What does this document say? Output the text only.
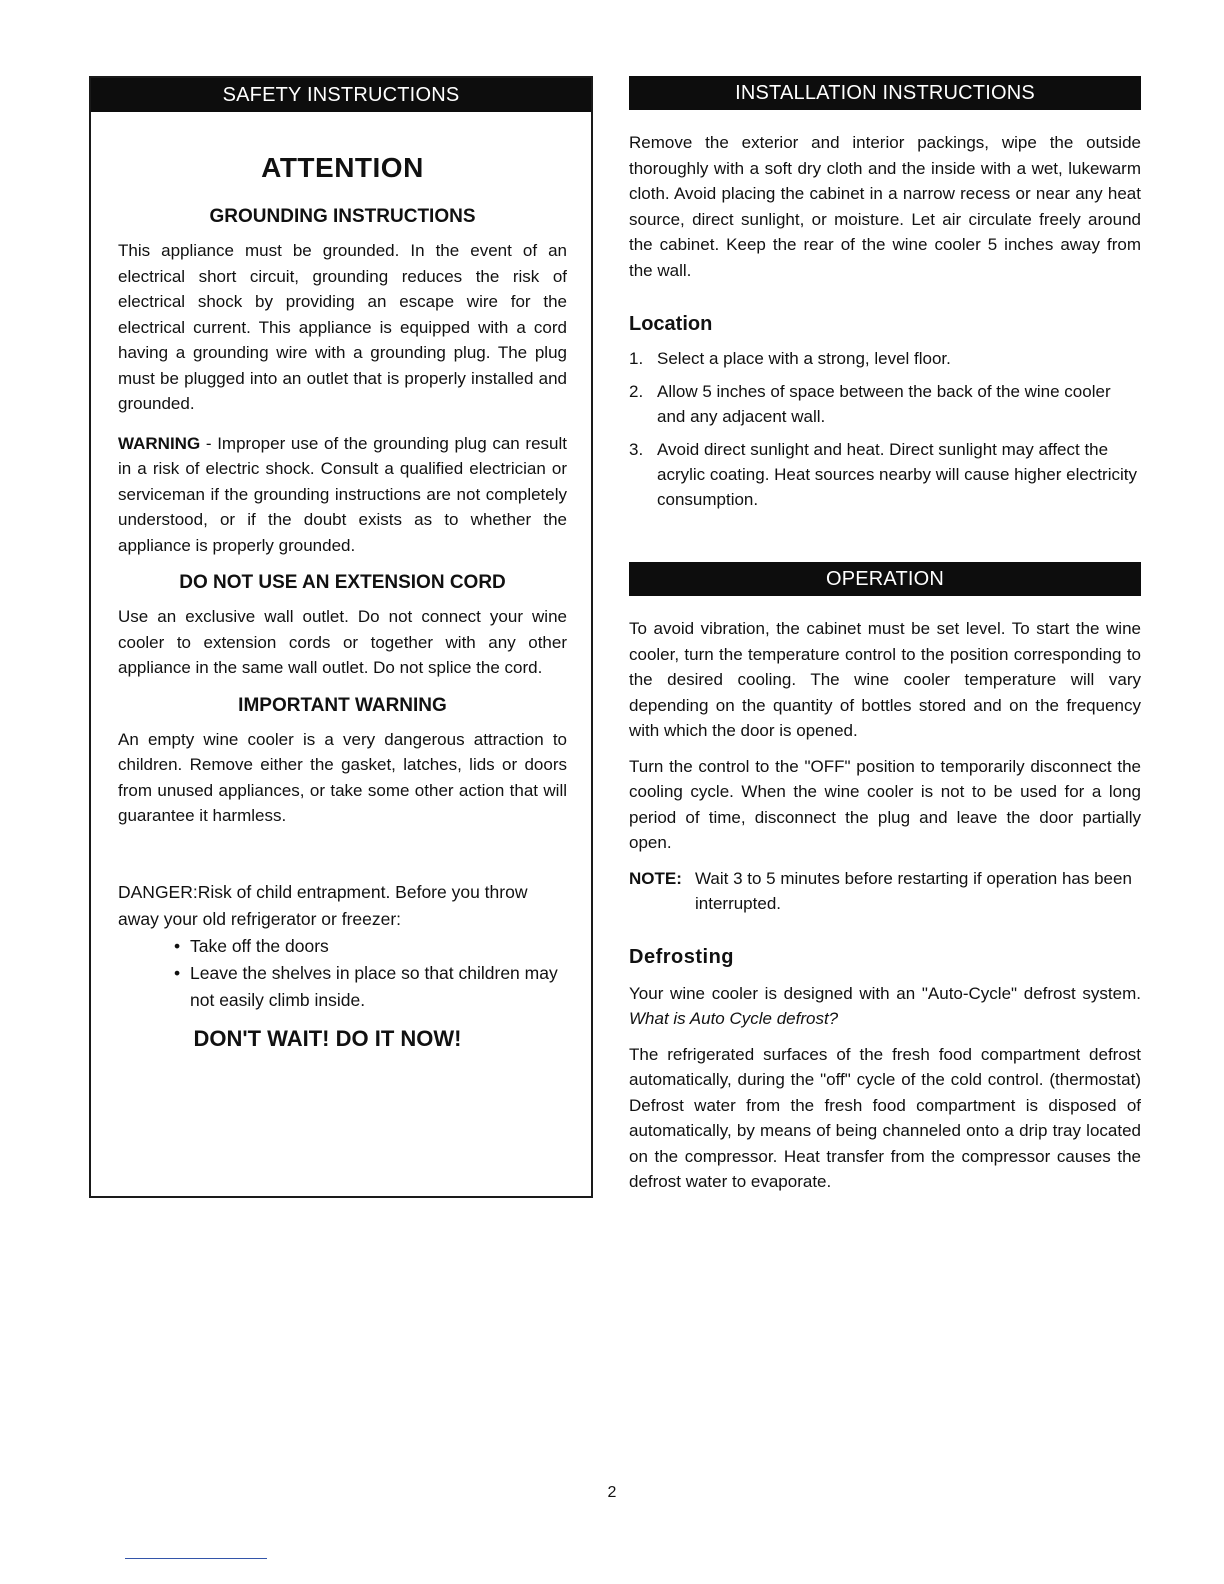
SAFETY INSTRUCTIONS
ATTENTION
GROUNDING INSTRUCTIONS

This appliance must be grounded. In the event of an electrical short circuit, grounding reduces the risk of electrical shock by providing an escape wire for the electrical current. This appliance is equipped with a cord having a grounding wire with a grounding plug. The plug must be plugged into an outlet that is properly installed and grounded.

WARNING - Improper use of the grounding plug can result in a risk of electric shock. Consult a qualified electrician or serviceman if the grounding instructions are not completely understood, or if the doubt exists as to whether the appliance is properly grounded.

DO NOT USE AN EXTENSION CORD

Use an exclusive wall outlet. Do not connect your wine cooler to extension cords or together with any other appliance in the same wall outlet. Do not splice the cord.

IMPORTANT WARNING

An empty wine cooler is a very dangerous attraction to children. Remove either the gasket, latches, lids or doors from unused appliances, or take some other action that will guarantee it harmless.

DANGER:Risk of child entrapment. Before you throw away your old refrigerator or freezer:

• Take off the doors
• Leave the shelves in place so that children may not easily climb inside.
DON'T WAIT! DO IT NOW!
INSTALLATION INSTRUCTIONS

Remove the exterior and interior packings, wipe the outside thoroughly with a soft dry cloth and the inside with a wet, lukewarm cloth. Avoid placing the cabinet in a narrow recess or near any heat source, direct sunlight, or moisture. Let air circulate freely around the cabinet. Keep the rear of the wine cooler 5 inches away from the wall.

Location
1. Select a place with a strong, level floor.
2. Allow 5 inches of space between the back of the wine cooler and any adjacent wall.
3. Avoid direct sunlight and heat. Direct sunlight may affect the acrylic coating. Heat sources nearby will cause higher electricity consumption.
OPERATION

To avoid vibration, the cabinet must be set level. To start the wine cooler, turn the temperature control to the position corresponding to the desired cooling. The wine cooler temperature will vary depending on the quantity of bottles stored and on the frequency with which the door is opened.

Turn the control to the "OFF" position to temporarily disconnect the cooling cycle. When the wine cooler is not to be used for a long period of time, disconnect the plug and leave the door partially open.

NOTE: Wait 3 to 5 minutes before restarting if operation has been interrupted.
Defrosting

Your wine cooler is designed with an "Auto-Cycle" defrost system. What is Auto Cycle defrost?

The refrigerated surfaces of the fresh food compartment defrost automatically, during the "off" cycle of the cold control. (thermostat) Defrost water from the fresh food compartment is disposed of automatically, by means of being channeled onto a drip tray located on the compressor. Heat transfer from the compressor causes the defrost water to evaporate.

2
